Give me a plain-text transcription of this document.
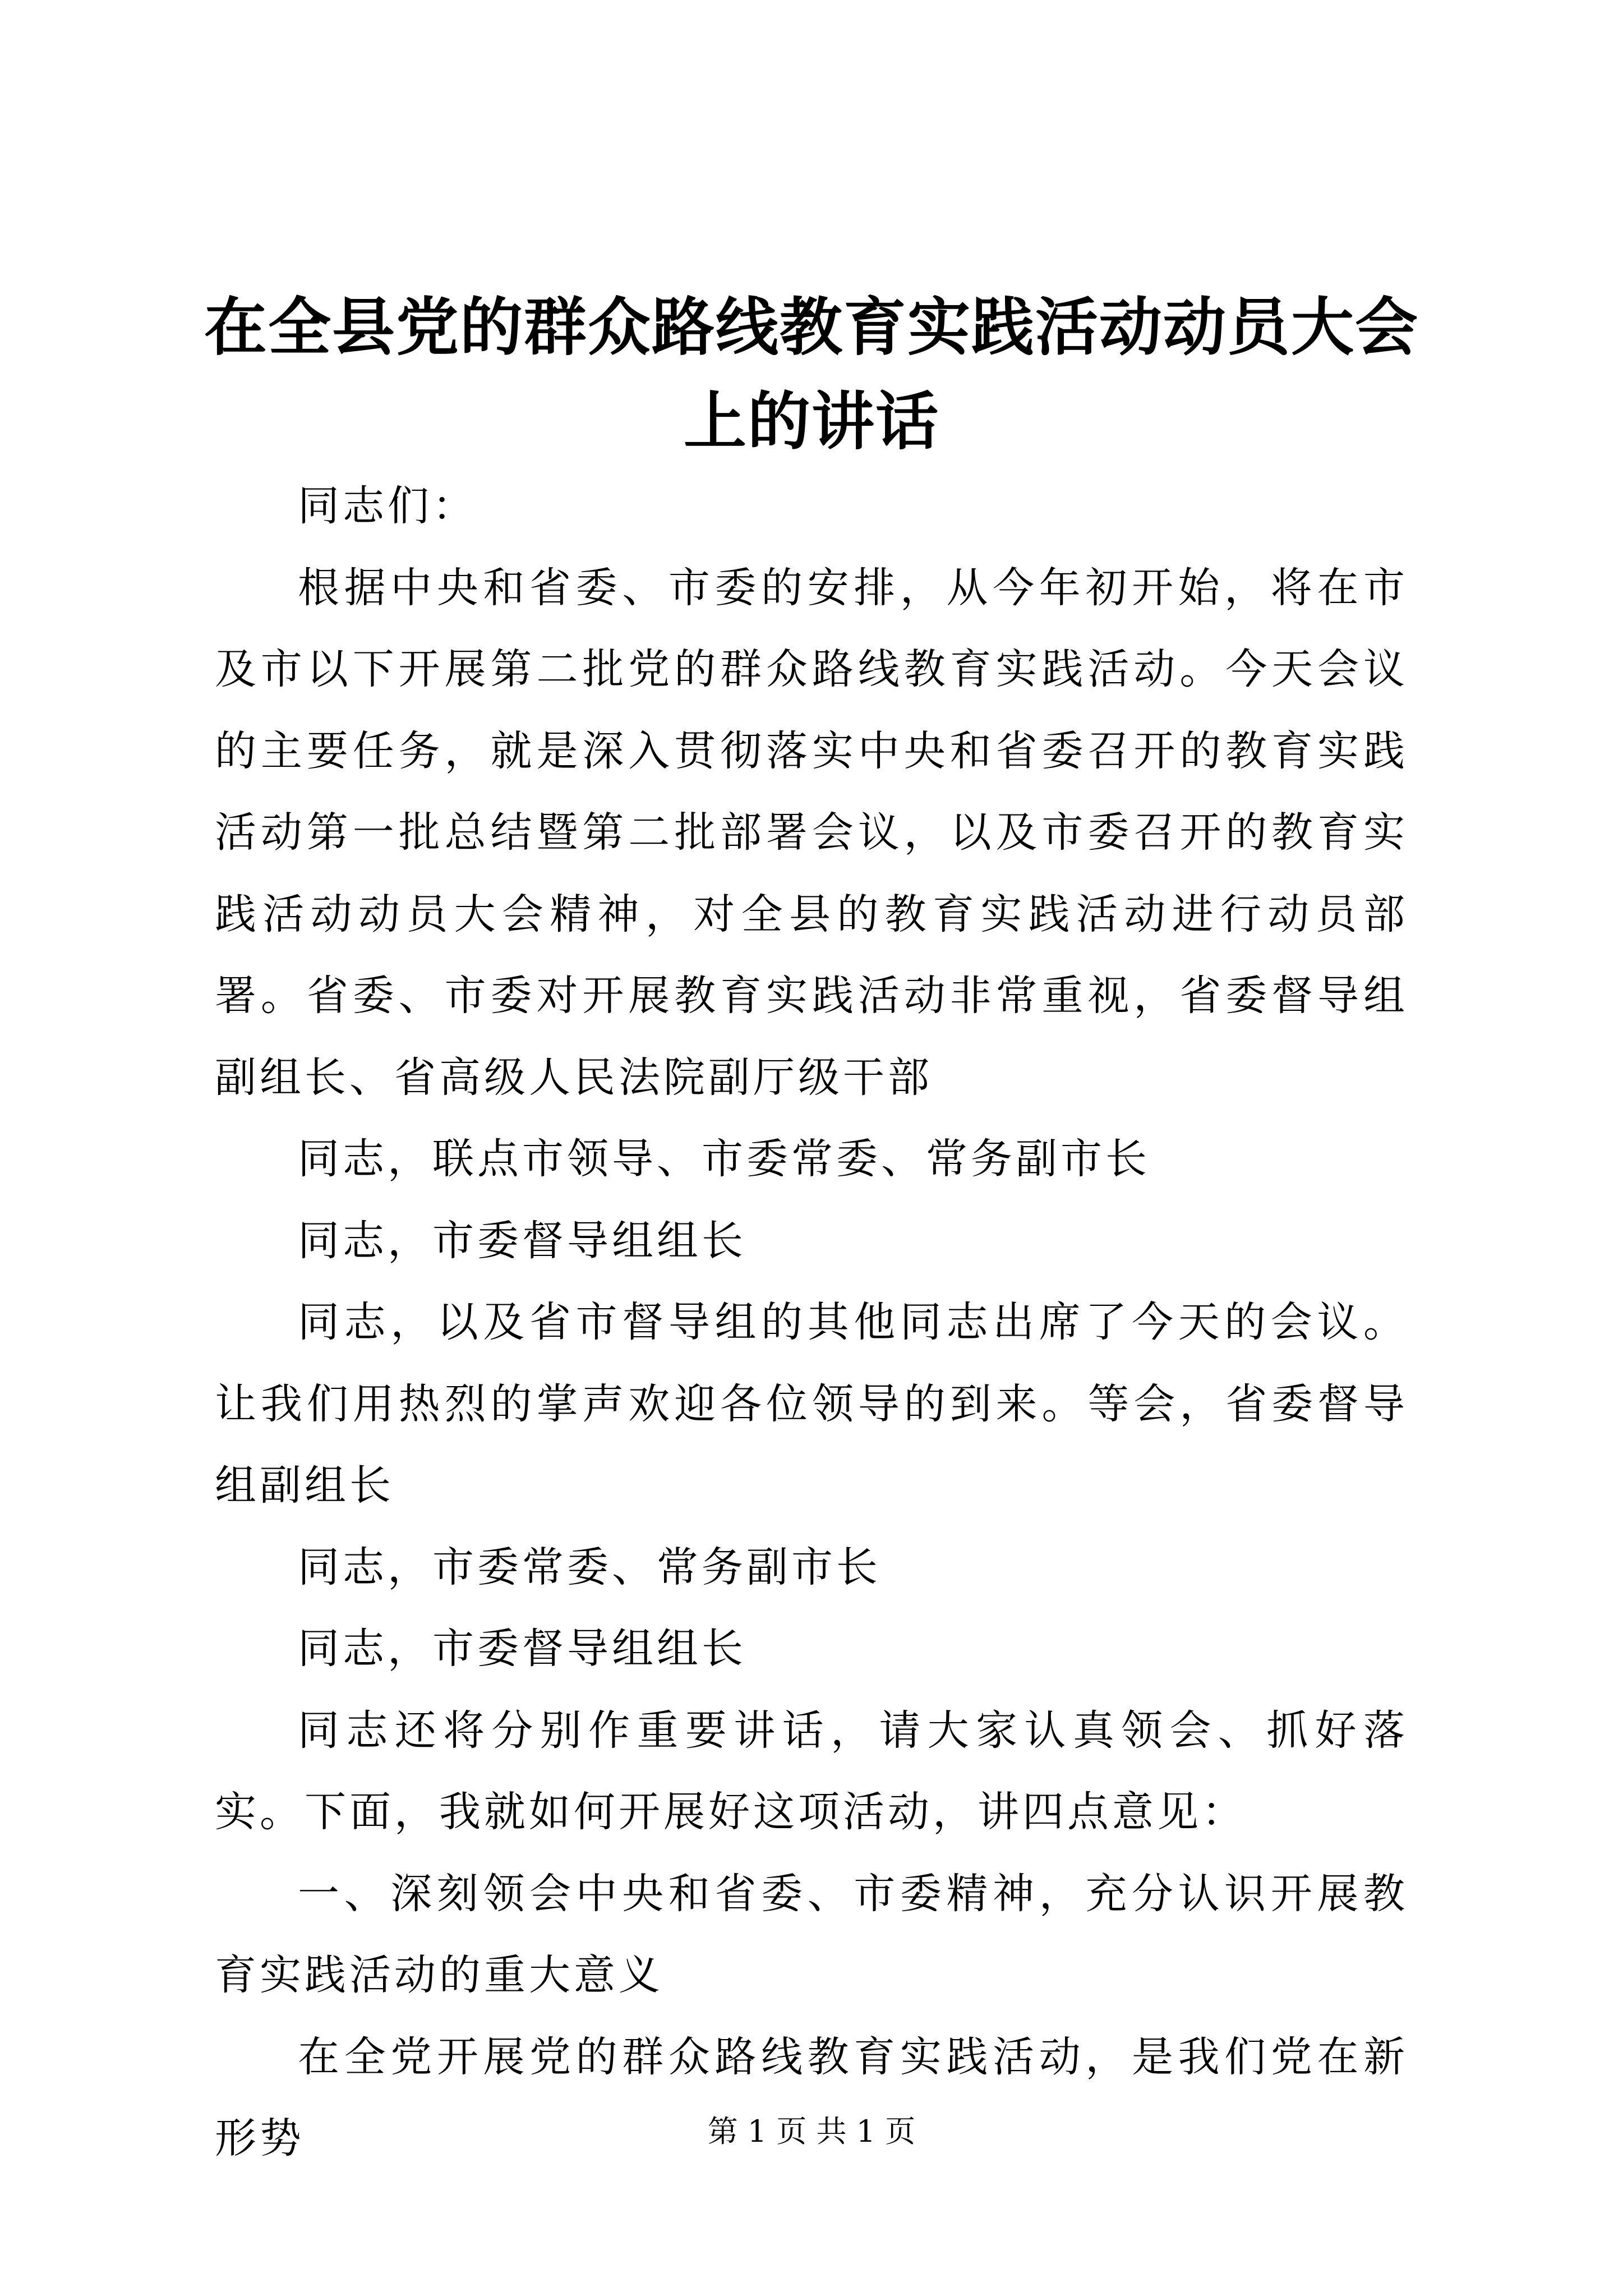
在全县党的群众路线教育实践活动动员大会上的讲话

同志们：

根据中央和省委、市委的安排，从今年初开始，将在市及市以下开展第二批党的群众路线教育实践活动。今天会议的主要任务，就是深入贯彻落实中央和省委召开的教育实践活动第一批总结暨第二批部署会议，以及市委召开的教育实践活动动员大会精神，对全县的教育实践活动进行动员部署。省委、市委对开展教育实践活动非常重视，省委督导组副组长、省高级人民法院副厅级干部

同志，联点市领导、市委常委、常务副市长

同志，市委督导组组长

同志，以及省市督导组的其他同志出席了今天的会议。让我们用热烈的掌声欢迎各位领导的到来。等会，省委督导组副组长

同志，市委常委、常务副市长

同志，市委督导组组长

同志还将分别作重要讲话，请大家认真领会、抓好落实。下面，我就如何开展好这项活动，讲四点意见：

一、深刻领会中央和省委、市委精神，充分认识开展教育实践活动的重大意义

在全党开展党的群众路线教育实践活动，是我们党在新形势	第 1 页 共 1 页
